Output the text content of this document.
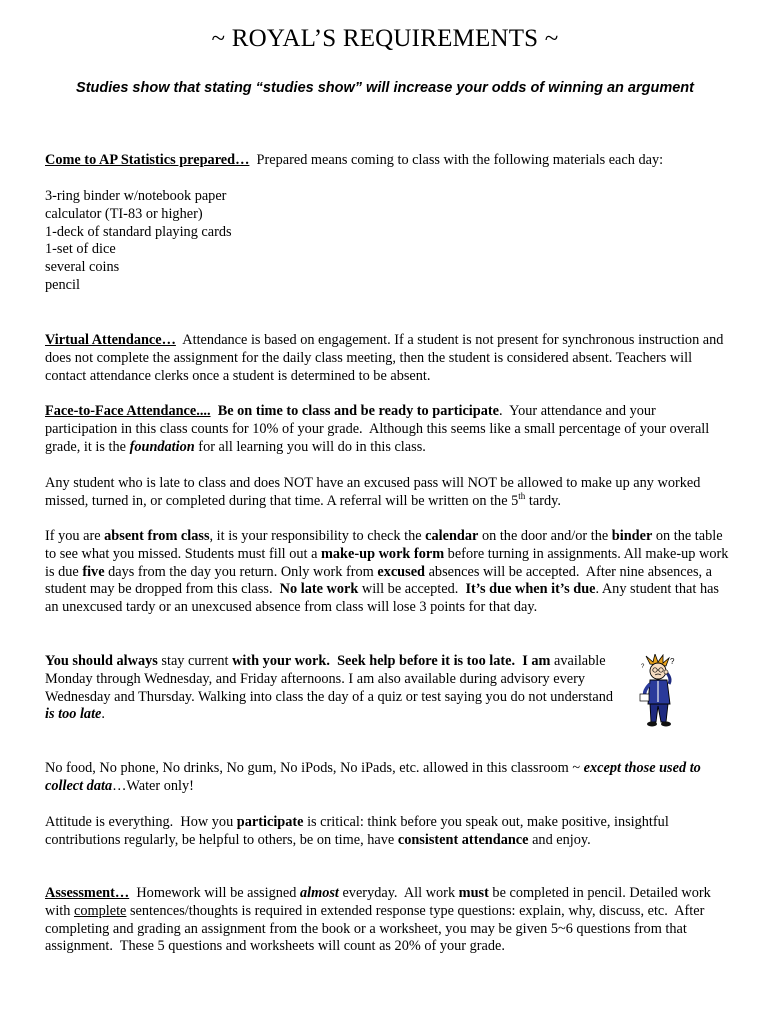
~ ROYAL’S REQUIREMENTS ~
Studies show that stating “studies show” will increase your odds of winning an argument

Come to AP Statistics prepared…  Prepared means coming to class with the following materials each day:

3-ring binder w/notebook paper
calculator (TI-83 or higher)
1-deck of standard playing cards
1-set of dice
several coins
pencil

Virtual Attendance…  Attendance is based on engagement. If a student is not present for synchronous instruction and does not complete the assignment for the daily class meeting, then the student is considered absent. Teachers will contact attendance clerks once a student is determined to be absent.

Face-to-Face Attendance....  Be on time to class and be ready to participate.  Your attendance and your participation in this class counts for 10% of your grade.  Although this seems like a small percentage of your overall grade, it is the foundation for all learning you will do in this class.

Any student who is late to class and does NOT have an excused pass will NOT be allowed to make up any worked missed, turned in, or completed during that time. A referral will be written on the 5th tardy.

If you are absent from class, it is your responsibility to check the calendar on the door and/or the binder on the table to see what you missed. Students must fill out a make-up work form before turning in assignments. All make-up work is due five days from the day you return. Only work from excused absences will be accepted.  After nine absences, a student may be dropped from this class.  No late work will be accepted.  It’s due when it’s due. Any student that has an unexcused tardy or an unexcused absence from class will lose 3 points for that day.

You should always stay current with your work.  Seek help before it is too late.  I am available Monday through Wednesday, and Friday afternoons. I am also available during advisory every Wednesday and Thursday. Walking into class the day of a quiz or test saying you do not understand is too late.

?
?

No food, No phone, No drinks, No gum, No iPods, No iPads, etc. allowed in this classroom ~ except those used to collect data…Water only!

Attitude is everything.  How you participate is critical: think before you speak out, make positive, insightful contributions regularly, be helpful to others, be on time, have consistent attendance and enjoy.

Assessment…  Homework will be assigned almost everyday.  All work must be completed in pencil. Detailed work with complete sentences/thoughts is required in extended response type questions: explain, why, discuss, etc.  After completing and grading an assignment from the book or a worksheet, you may be given 5~6 questions from that assignment.  These 5 questions and worksheets will count as 20% of your grade.
